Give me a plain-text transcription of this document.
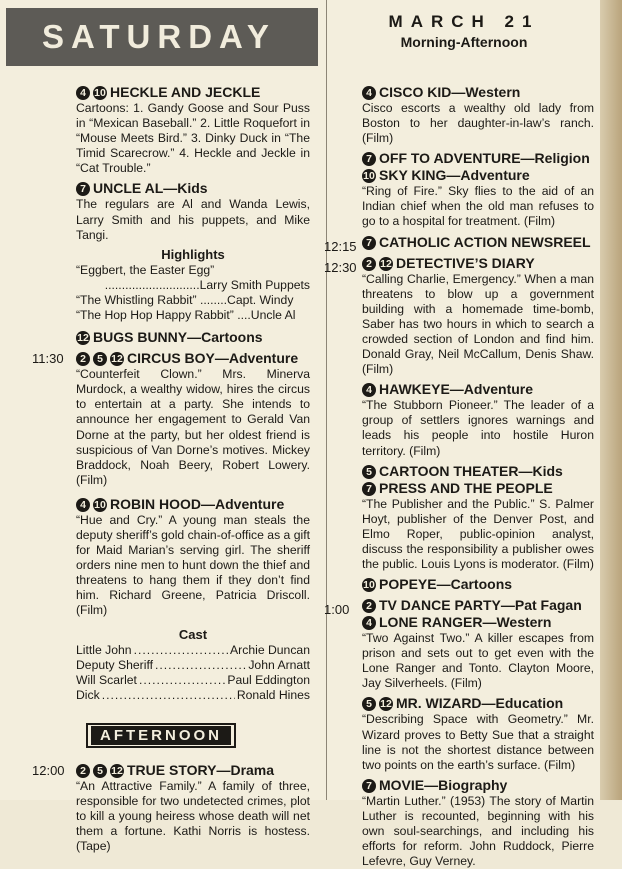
SATURDAY	MARCH 21
Morning-Afternoon
4 10 HECKLE AND JECKLE
Cartoons: 1. Gandy Goose and Sour Puss in “Mexican Baseball.” 2. Little Roquefort in “Mouse Meets Bird.” 3. Dinky Duck in “The Timid Scarecrow.” 4. Heckle and Jeckle in “Cat Trouble.”
7 UNCLE AL—Kids
The regulars are Al and Wanda Lewis, Larry Smith and his puppets, and Mike Tangi.
Highlights
“Eggbert, the Easter Egg”
............................Larry Smith Puppets
“The Whistling Rabbit” ........Capt. Windy
“The Hop Hop Happy Rabbit” ....Uncle Al
12 BUGS BUNNY—Cartoons
11:30	2 5 12 CIRCUS BOY—Adventure
“Counterfeit Clown.” Mrs. Minerva Murdock, a wealthy widow, hires the circus to entertain at a party. She intends to announce her engagement to Gerald Van Dorne at the party, but her oldest friend is suspicious of Van Dorne’s motives. Mickey Braddock, Noah Beery, Robert Lowery. (Film)
4 10 ROBIN HOOD—Adventure
“Hue and Cry.” A young man steals the deputy sheriff’s gold chain-of-office as a gift for Maid Marian’s serving girl. The sheriff orders nine men to hunt down the thief and threatens to hang them if they don’t find him. Richard Greene, Patricia Driscoll. (Film)
Cast
Little John .....	Archie Duncan
Deputy Sheriff .....	John Arnatt
Will Scarlet .....	Paul Eddington
Dick .....	Ronald Hines
AFTERNOON
12:00	2 5 12 TRUE STORY—Drama
“An Attractive Family.” A family of three, responsible for two undetected crimes, plot to kill a young heiress whose death will net them a fortune. Kathi Norris is hostess. (Tape)
4 CISCO KID—Western
Cisco escorts a wealthy old lady from Boston to her daughter-in-law’s ranch. (Film)
7 OFF TO ADVENTURE—Religion
10 SKY KING—Adventure
“Ring of Fire.” Sky flies to the aid of an Indian chief when the old man refuses to go to a hospital for treatment. (Film)
12:15 7 CATHOLIC ACTION NEWSREEL
12:30 2 12 DETECTIVE’S DIARY
“Calling Charlie, Emergency.” When a man threatens to blow up a government building with a homemade time-bomb, Saber has two hours in which to search a crowded section of London and find him. Donald Gray, Neil McCallum, Denis Shaw. (Film)
4 HAWKEYE—Adventure
“The Stubborn Pioneer.” The leader of a group of settlers ignores warnings and leads his people into hostile Huron territory. (Film)
5 CARTOON THEATER—Kids
7 PRESS AND THE PEOPLE
“The Publisher and the Public.” S. Palmer Hoyt, publisher of the Denver Post, and Elmo Roper, public-opinion analyst, discuss the responsibility a publisher owes the public. Louis Lyons is moderator. (Film)
10 POPEYE—Cartoons
1:00	2 TV DANCE PARTY—Pat Fagan
4 LONE RANGER—Western
“Two Against Two.” A killer escapes from prison and sets out to get even with the Lone Ranger and Tonto. Clayton Moore, Jay Silverheels. (Film)
5 12 MR. WIZARD—Education
“Describing Space with Geometry.” Mr. Wizard proves to Betty Sue that a straight line is not the shortest distance between two points on the earth’s surface. (Film)
7 MOVIE—Biography
“Martin Luther.” (1953) The story of Martin Luther is recounted, beginning with his own soul-searchings, and including his efforts for reform. John Ruddock, Pierre Lefevre, Guy Verney.
